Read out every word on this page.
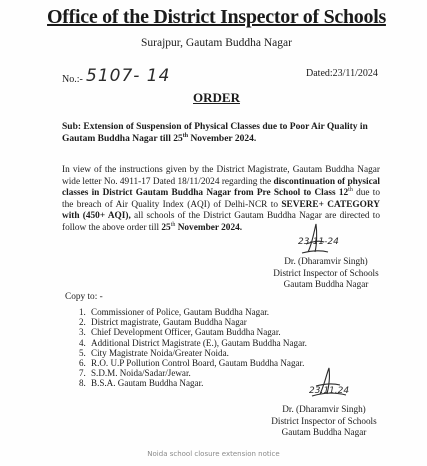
Office of the District Inspector of Schools
Surajpur, Gautam Buddha Nagar
No.:- 5107- 14	Dated:23/11/2024
ORDER
Sub: Extension of Suspension of Physical Classes due to Poor Air Quality in Gautam Buddha Nagar till 25th November 2024.
In view of the instructions given by the District Magistrate, Gautam Buddha Nagar wide letter No. 4911-17 Dated 18/11/2024 regarding the discontinuation of physical classes in District Gautam Buddha Nagar from Pre School to Class 12th due to the breach of Air Quality Index (AQI) of Delhi-NCR to SEVERE+ CATEGORY with (450+ AQI), all schools of the District Gautam Buddha Nagar are directed to follow the above order till 25th November 2024.
23-11-24
Dr. (Dharamvir Singh)
District Inspector of Schools
Gautam Buddha Nagar
Copy to: -
1. Commissioner of Police, Gautam Buddha Nagar.
2. District magistrate, Gautam Buddha Nagar
3. Chief Development Officer, Gautam Buddha Nagar.
4. Additional District Magistrate (E.), Gautam Buddha Nagar.
5. City Magistrate Noida/Greater Noida.
6. R.O. U.P Pollution Control Board, Gautam Buddha Nagar.
7. S.D.M. Noida/Sadar/Jewar.
8. B.S.A. Gautam Buddha Nagar.
23.11.24
Dr. (Dharamvir Singh)
District Inspector of Schools
Gautam Buddha Nagar
Noida school closure extension notice
